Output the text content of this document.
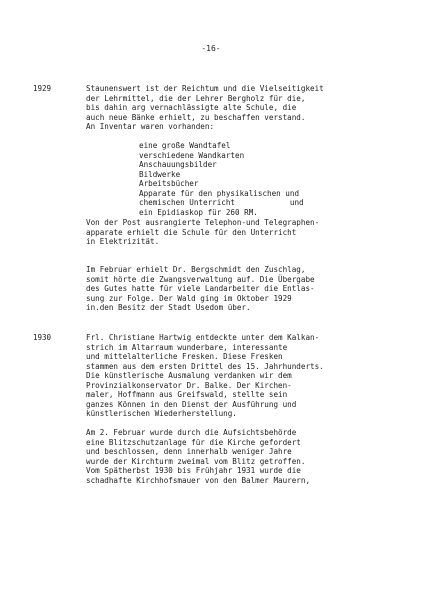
-16-
1929
1930
Staunenswert ist der Reichtum und die Vielseitigkeit
der Lehrmittel, die der Lehrer Bergholz für die,
bis dahin arg vernachlässigte alte Schule, die
auch neue Bänke erhielt, zu beschaffen verstand.
An Inventar waren vorhanden:
eine große Wandtafel
verschiedene Wandkarten
Anschauungsbilder
Bildwerke
Arbeitsbücher
Apparate für den physikalischen und
chemischen Unterricht            und
ein Epidiaskop für 260 RM.
Von der Post ausrangierte Telephon-und Telegraphen-
apparate erhielt die Schule für den Unterricht
in Elektrizität.
Im Februar erhielt Dr. Bergschmidt den Zuschlag,
somit hörte die Zwangsverwaltung auf. Die Übergabe
des Gutes hatte für viele Landarbeiter die Entlas-
sung zur Folge. Der Wald ging im Oktober 1929
in.den Besitz der Stadt Usedom über.
Frl. Christiane Hartwig entdeckte unter dem Kalkan-
strich im Altarraum wunderbare, interessante
und mittelalterliche Fresken. Diese Fresken
stammen aus dem ersten Drittel des 15. Jahrhunderts.
Die künstlerische Ausmalung verdanken wir dem
Provinzialkonservator Dr. Balke. Der Kirchen-
maler, Hoffmann aus Greifswald, stellte sein
ganzes Können in den Dienst der Ausführung und
künstlerischen Wiederherstellung.
Am 2. Februar wurde durch die Aufsichtsbehörde
eine Blitzschutzanlage für die Kirche gefordert
und beschlossen, denn innerhalb weniger Jahre
wurde der Kirchturm zweimal vom Blitz getroffen.
Vom Spätherbst 1930 bis Frühjahr 1931 wurde die
schadhafte Kirchhofsmauer von den Balmer Maurern,
